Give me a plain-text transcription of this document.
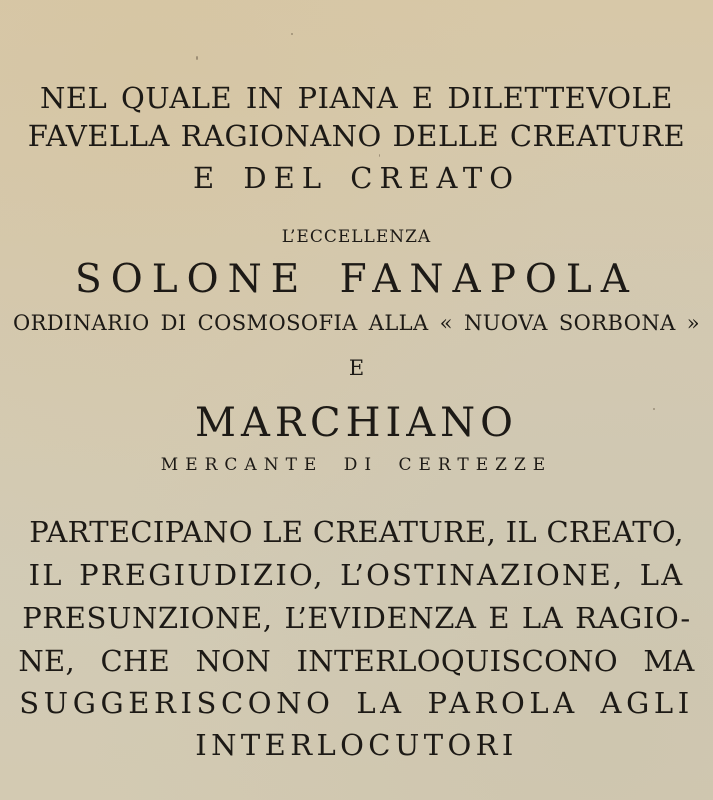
NEL QUALE IN PIANA E DILETTEVOLE
FAVELLA RAGIONANO DELLE CREATURE
E DEL CREATO
L’ECCELLENZA
SOLONE FANAPOLA
ORDINARIO DI COSMOSOFIA ALLA « NUOVA SORBONA »
E
MARCHIANO
MERCANTE DI CERTEZZE
PARTECIPANO LE CREATURE, IL CREATO,
IL PREGIUDIZIO, L’OSTINAZIONE, LA
PRESUNZIONE, L’EVIDENZA E LA RAGIO-
NE, CHE NON INTERLOQUISCONO MA
SUGGERISCONO LA PAROLA AGLI
INTERLOCUTORI
